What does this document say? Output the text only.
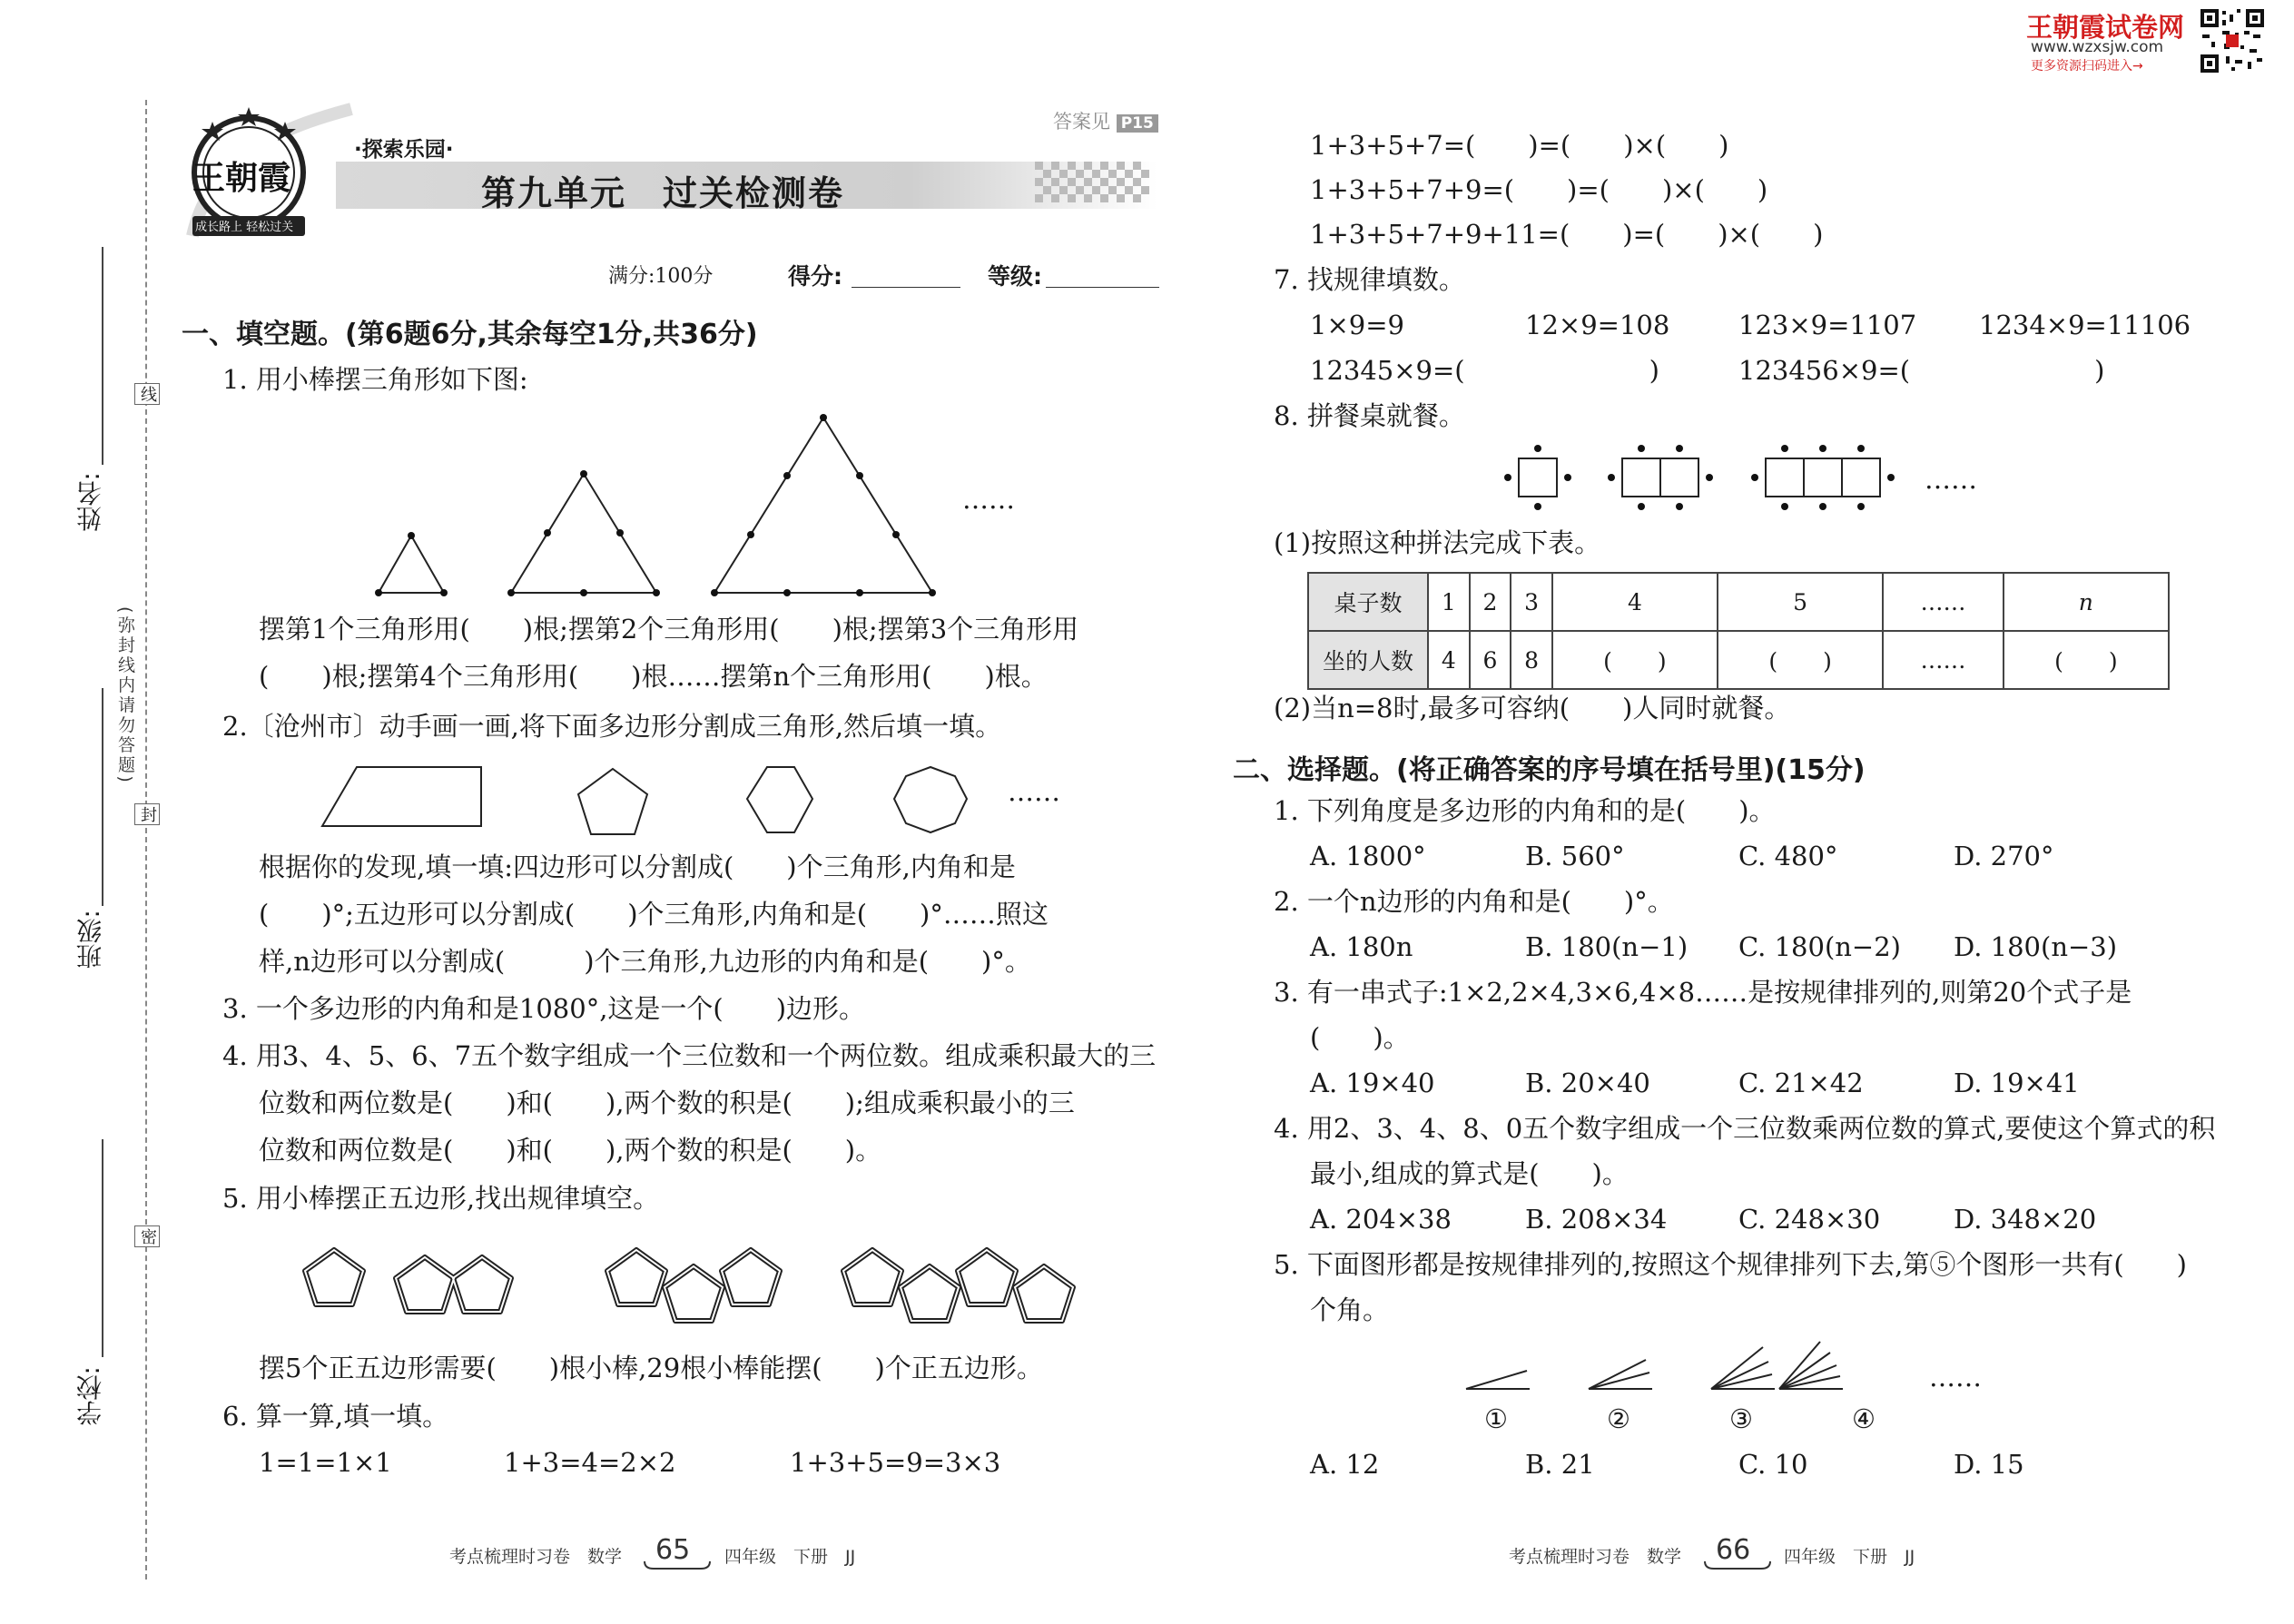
王朝霞试卷网
www.wzxsjw.com
更多资源扫码进入→
线
封
密
(弥封线内请勿答题)
姓名:
班级:
学校:
王朝霞
成长路上 轻松过关
·探索乐园·
第九单元　过关检测卷
答案见 P15
满分:100分	得分:	等级:
一、填空题。(第6题6分,其余每空1分,共36分)
1. 用小棒摆三角形如下图:
……
摆第1个三角形用(　　)根;摆第2个三角形用(　　)根;摆第3个三角形用
(　　)根;摆第4个三角形用(　　)根……摆第n个三角形用(　　)根。
2.〔沧州市〕动手画一画,将下面多边形分割成三角形,然后填一填。
……
根据你的发现,填一填:四边形可以分割成(　　)个三角形,内角和是
(　　)°;五边形可以分割成(　　)个三角形,内角和是(　　)°……照这
样,n边形可以分割成(　　　)个三角形,九边形的内角和是(　　)°。
3. 一个多边形的内角和是1080°,这是一个(　　)边形。
4. 用3、4、5、6、7五个数字组成一个三位数和一个两位数。组成乘积最大的三
位数和两位数是(　　)和(　　),两个数的积是(　　);组成乘积最小的三
位数和两位数是(　　)和(　　),两个数的积是(　　)。
5. 用小棒摆正五边形,找出规律填空。
摆5个正五边形需要(　　)根小棒,29根小棒能摆(　　)个正五边形。
6. 算一算,填一填。
1=1=1×1	1+3=4=2×2	1+3+5=9=3×3
1+3+5+7=(　　)=(　　)×(　　)
1+3+5+7+9=(　　)=(　　)×(　　)
1+3+5+7+9+11=(　　)=(　　)×(　　)
7. 找规律填数。
1×9=9	12×9=108	123×9=1107 1234×9=11106
12345×9=(　　　　　　　)	123456×9=(　　　　　　　)
8. 拼餐桌就餐。
……
(1)按照这种拼法完成下表。
桌子数	1	2	3	4	5	……	n
坐的人数	4	6	8	(　　)	(　　)	……	(　　)
(2)当n=8时,最多可容纳(　　)人同时就餐。
二、选择题。(将正确答案的序号填在括号里)(15分)
1. 下列角度是多边形的内角和的是(　　)。
A. 1800°	B. 560°	C. 480°	D. 270°
2. 一个n边形的内角和是(　　)°。
A. 180n	B. 180(n−1) C. 180(n−2) D. 180(n−3)
3. 有一串式子:1×2,2×4,3×6,4×8……是按规律排列的,则第20个式子是
(　　)。
A. 19×40	B. 20×40	C. 21×42	D. 19×41
4. 用2、3、4、8、0五个数字组成一个三位数乘两位数的算式,要使这个算式的积
最小,组成的算式是(　　)。
A. 204×38	B. 208×34	C. 248×30	D. 348×20
5. 下面图形都是按规律排列的,按照这个规律排列下去,第⑤个图形一共有(　　)
个角。
①	②	③	④
……
A. 12	B. 21	C. 10	D. 15
考点梳理时习卷　数学 65 四年级　下册　JJ	考点梳理时习卷　数学 66 四年级　下册　JJ
